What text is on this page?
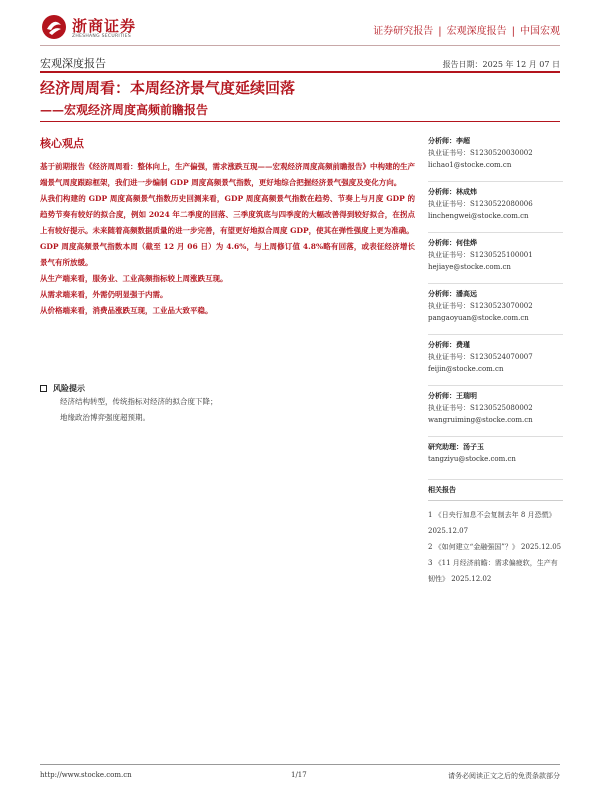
浙商证券
ZHESHANG SECURITIES	证券研究报告 | 宏观深度报告 | 中国宏观
宏观深度报告	报告日期：2025 年 12 月 07 日
经济周周看：本周经济景气度延续回落
——宏观经济周度高频前瞻报告
核心观点

基于前期报告《经济周周看：整体向上，生产偏强，需求涨跌互现——宏观经济周度高频前瞻报告》中构建的生产端景气周度跟踪框架，我们进一步编制 GDP 周度高频景气指数，更好地综合把握经济景气强度及变化方向。

从我们构建的 GDP 周度高频景气指数历史回测来看，GDP 周度高频景气指数在趋势、节奏上与月度 GDP 的趋势节奏有较好的拟合度，例如 2024 年二季度的回落、三季度筑底与四季度的大幅改善得到较好拟合，在拐点上有较好提示。未来随着高频数据质量的进一步完善，有望更好地拟合周度 GDP，使其在弹性强度上更为准确。

GDP 周度高频景气指数本周（截至 12 月 06 日）为 4.6%，与上周修订值 4.8%略有回落，或表征经济增长景气有所放缓。

从生产端来看，服务业、工业高频指标较上周涨跌互现。

从需求端来看，外需仍明显强于内需。

从价格端来看，消费品涨跌互现，工业品大致平稳。

风险提示
经济结构转型，传统指标对经济的拟合度下降；
地缘政治博弈强度超预期。
分析师：李超
执业证书号：S1230520030002
lichao1@stocke.com.cn
分析师：林成炜
执业证书号：S1230522080006
linchengwei@stocke.com.cn
分析师：何佳烨
执业证书号：S1230525100001
hejiaye@stocke.com.cn
分析师：潘高远
执业证书号：S1230523070002
pangaoyuan@stocke.com.cn
分析师：费瑾
执业证书号：S1230524070007
feijin@stocke.com.cn
分析师：王瑞明
执业证书号：S1230525080002
wangruiming@stocke.com.cn
研究助理：汤子玉
tangziyu@stocke.com.cn
相关报告
1 《日央行加息不会复制去年 8 月恐慌》 2025.12.07
2 《如何建立“金融强国”？》 2025.12.05
3 《11 月经济前瞻：需求偏疲软，生产有韧性》 2025.12.02
http://www.stocke.com.cn	1/17	请务必阅读正文之后的免责条款部分
